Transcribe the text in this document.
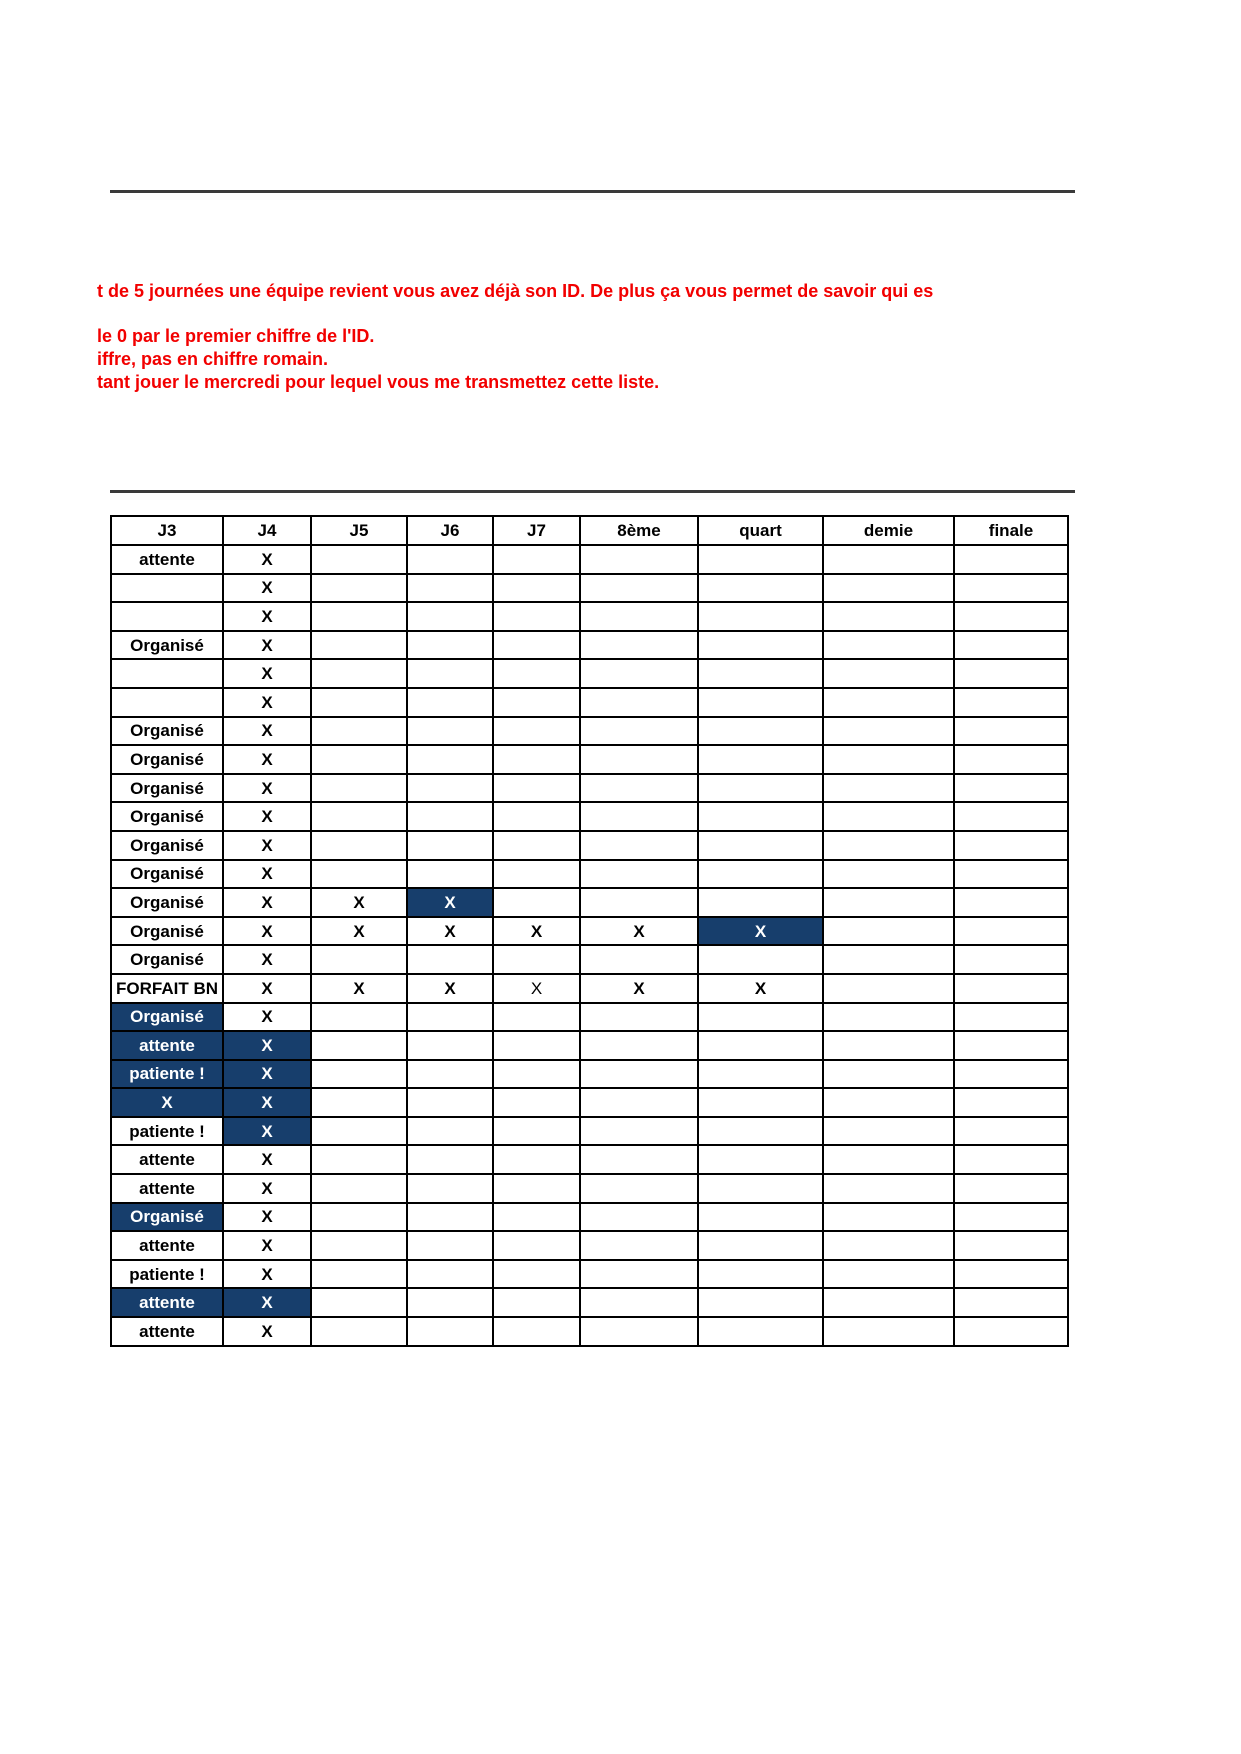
t de 5 journées une équipe revient vous avez déjà son ID. De plus ça vous permet de savoir qui es
le 0 par le premier chiffre de l'ID.
iffre, pas en chiffre romain.
tant jouer le mercredi pour lequel vous me transmettez cette liste.
J3	J4	J5	J6	J7	8ème	quart	demie	finale
attente	X							
	X							
	X							
Organisé	X							
	X							
	X							
Organisé	X							
Organisé	X							
Organisé	X							
Organisé	X							
Organisé	X							
Organisé	X							
Organisé	X	X	X					
Organisé	X	X	X	X	X	X		
Organisé	X							
FORFAIT BN	X	X	X	X	X	X		
Organisé	X							
attente	X							
patiente !	X							
X	X							
patiente !	X							
attente	X							
attente	X							
Organisé	X							
attente	X							
patiente !	X							
attente	X							
attente	X							
